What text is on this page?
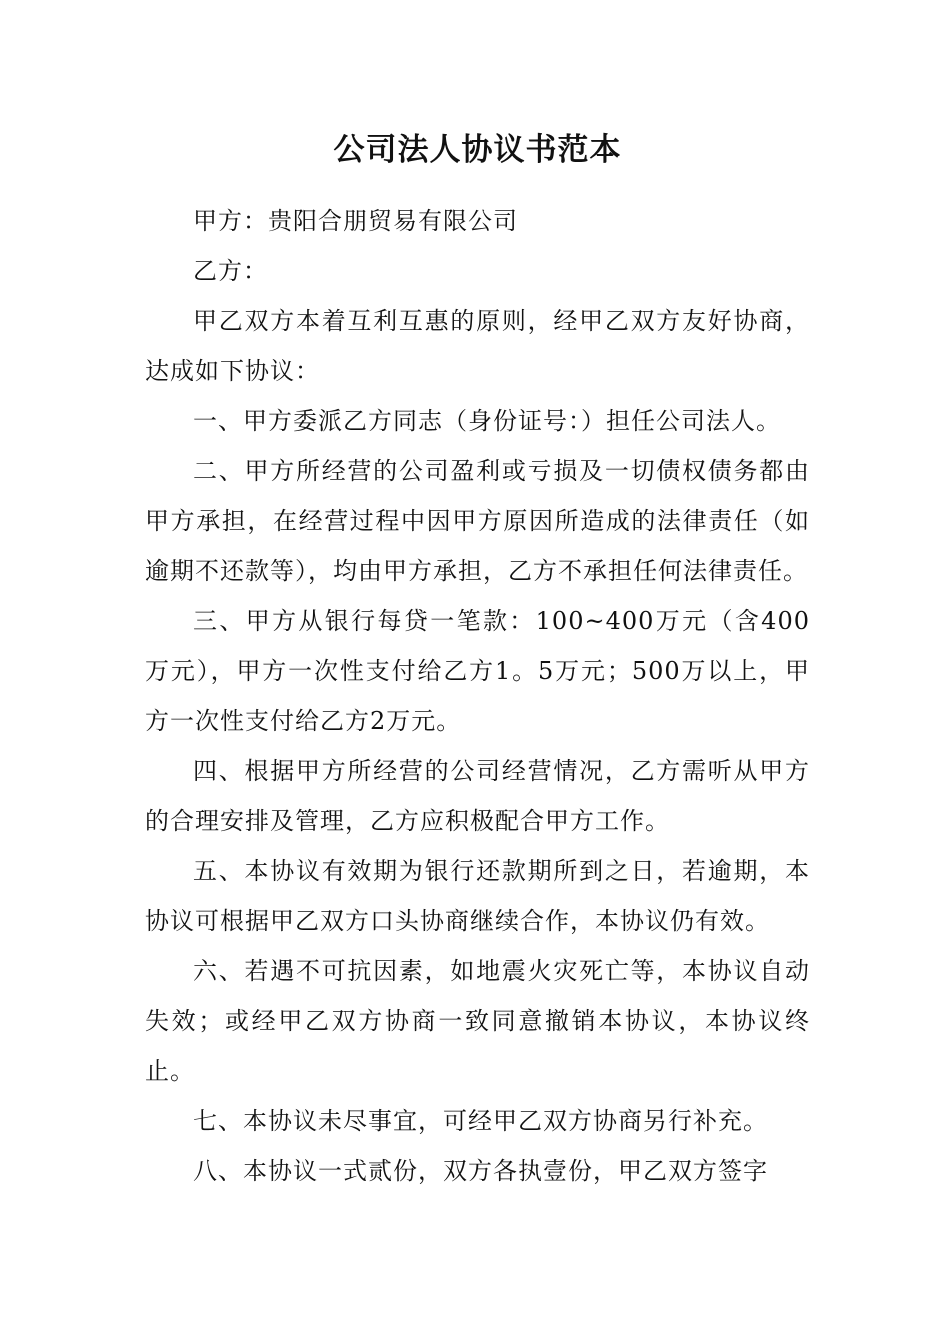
公司法人协议书范本

甲方：贵阳合朋贸易有限公司

乙方：

甲乙双方本着互利互惠的原则，经甲乙双方友好协商，达成如下协议：

一、甲方委派乙方同志（身份证号：）担任公司法人。

二、甲方所经营的公司盈利或亏损及一切债权债务都由甲方承担，在经营过程中因甲方原因所造成的法律责任（如逾期不还款等），均由甲方承担，乙方不承担任何法律责任。

三、甲方从银行每贷一笔款：100~400万元（含400万元），甲方一次性支付给乙方1。5万元；500万以上，甲方一次性支付给乙方2万元。

四、根据甲方所经营的公司经营情况，乙方需听从甲方的合理安排及管理，乙方应积极配合甲方工作。

五、本协议有效期为银行还款期所到之日，若逾期，本协议可根据甲乙双方口头协商继续合作，本协议仍有效。

六、若遇不可抗因素，如地震火灾死亡等，本协议自动失效；或经甲乙双方协商一致同意撤销本协议，本协议终止。

七、本协议未尽事宜，可经甲乙双方协商另行补充。

八、本协议一式贰份，双方各执壹份，甲乙双方签字
